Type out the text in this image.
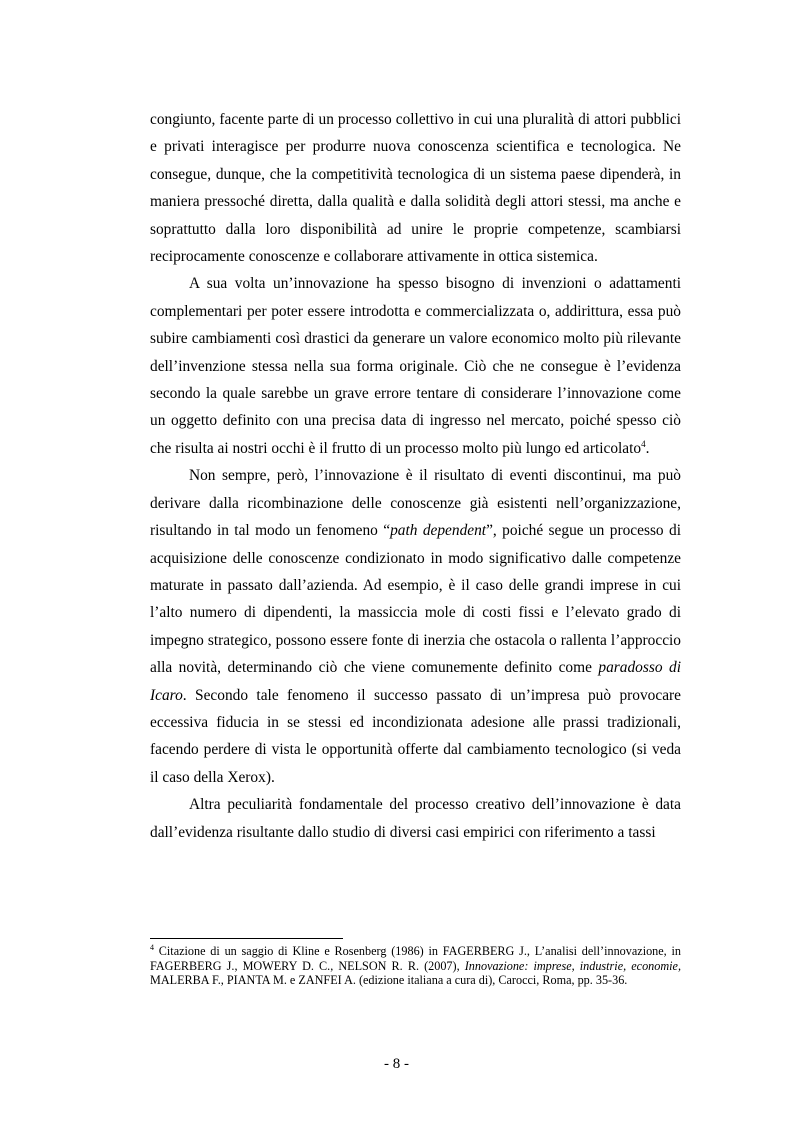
congiunto, facente parte di un processo collettivo in cui una pluralità di attori pubblici e privati interagisce per produrre nuova conoscenza scientifica e tecnologica. Ne consegue, dunque, che la competitività tecnologica di un sistema paese dipenderà, in maniera pressoché diretta, dalla qualità e dalla solidità degli attori stessi, ma anche e soprattutto dalla loro disponibilità ad unire le proprie competenze, scambiarsi reciprocamente conoscenze e collaborare attivamente in ottica sistemica.

A sua volta un’innovazione ha spesso bisogno di invenzioni o adattamenti complementari per poter essere introdotta e commercializzata o, addirittura, essa può subire cambiamenti così drastici da generare un valore economico molto più rilevante dell’invenzione stessa nella sua forma originale. Ciò che ne consegue è l’evidenza secondo la quale sarebbe un grave errore tentare di considerare l’innovazione come un oggetto definito con una precisa data di ingresso nel mercato, poiché spesso ciò che risulta ai nostri occhi è il frutto di un processo molto più lungo ed articolato$^4$.

Non sempre, però, l’innovazione è il risultato di eventi discontinui, ma può derivare dalla ricombinazione delle conoscenze già esistenti nell’organizzazione, risultando in tal modo un fenomeno “path dependent”, poiché segue un processo di acquisizione delle conoscenze condizionato in modo significativo dalle competenze maturate in passato dall’azienda. Ad esempio, è il caso delle grandi imprese in cui l’alto numero di dipendenti, la massiccia mole di costi fissi e l’elevato grado di impegno strategico, possono essere fonte di inerzia che ostacola o rallenta l’approccio alla novità, determinando ciò che viene comunemente definito come paradosso di Icaro. Secondo tale fenomeno il successo passato di un’impresa può provocare eccessiva fiducia in se stessi ed incondizionata adesione alle prassi tradizionali, facendo perdere di vista le opportunità offerte dal cambiamento tecnologico (si veda il caso della Xerox).

Altra peculiarità fondamentale del processo creativo dell’innovazione è data dall’evidenza risultante dallo studio di diversi casi empirici con riferimento a tassi

$^4$ Citazione di un saggio di Kline e Rosenberg (1986) in FAGERBERG J., L’analisi dell’innovazione, in FAGERBERG J., MOWERY D. C., NELSON R. R. (2007), Innovazione: imprese, industrie, economie, MALERBA F., PIANTA M. e ZANFEI A. (edizione italiana a cura di), Carocci, Roma, pp. 35-36.
- 8 -
